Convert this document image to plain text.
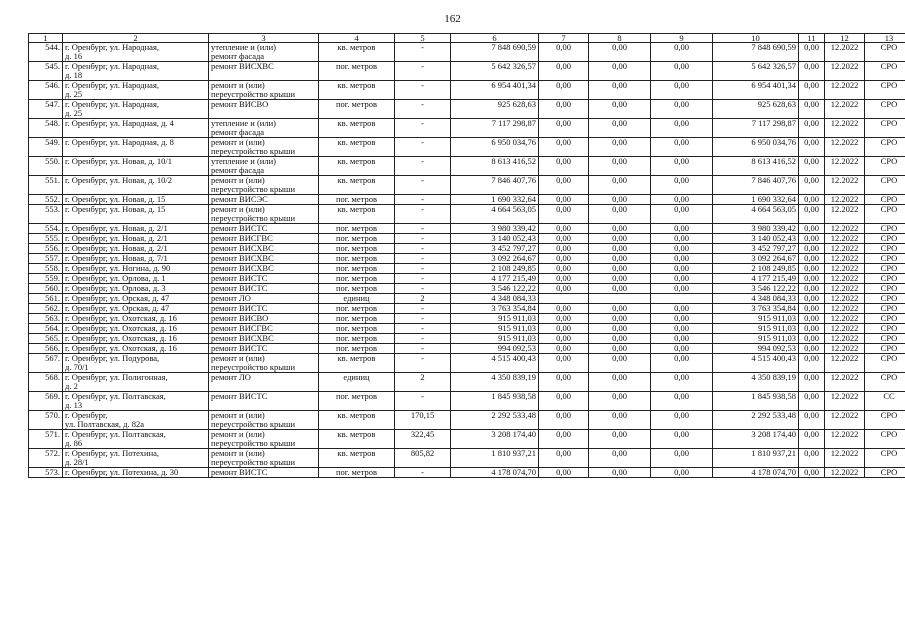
162
1	2	3	4	5	6	7	8	9	10	11	12	13
544.	г. Оренбург, ул. Народная,
д. 16	утепление и (или)
ремонт фасада	кв. метров	-	7 848 690,59	0,00	0,00	0,00	7 848 690,59	0,00	12.2022	СРО
545.	г. Оренбург, ул. Народная,
д. 18	ремонт ВИСХВС	пог. метров	-	5 642 326,57	0,00	0,00	0,00	5 642 326,57	0,00	12.2022	СРО
546.	г. Оренбург, ул. Народная,
д. 25	ремонт и (или)
переустройство крыши	кв. метров	-	6 954 401,34	0,00	0,00	0,00	6 954 401,34	0,00	12.2022	СРО
547.	г. Оренбург, ул. Народная,
д. 25	ремонт ВИСВО	пог. метров	-	925 628,63	0,00	0,00	0,00	925 628,63	0,00	12.2022	СРО
548.	г. Оренбург, ул. Народная, д. 4	утепление и (или)
ремонт фасада	кв. метров	-	7 117 298,87	0,00	0,00	0,00	7 117 298,87	0,00	12.2022	СРО
549.	г. Оренбург, ул. Народная, д. 8	ремонт и (или)
переустройство крыши	кв. метров	-	6 950 034,76	0,00	0,00	0,00	6 950 034,76	0,00	12.2022	СРО
550.	г. Оренбург, ул. Новая, д. 10/1	утепление и (или)
ремонт фасада	кв. метров	-	8 613 416,52	0,00	0,00	0,00	8 613 416,52	0,00	12.2022	СРО
551.	г. Оренбург, ул. Новая, д. 10/2	ремонт и (или)
переустройство крыши	кв. метров	-	7 846 407,76	0,00	0,00	0,00	7 846 407,76	0,00	12.2022	СРО
552.	г. Оренбург, ул. Новая, д. 15	ремонт ВИСЭС	пог. метров	-	1 690 332,64	0,00	0,00	0,00	1 690 332,64	0,00	12.2022	СРО
553.	г. Оренбург, ул. Новая, д. 15	ремонт и (или)
переустройство крыши	кв. метров	-	4 664 563,05	0,00	0,00	0,00	4 664 563,05	0,00	12.2022	СРО
554.	г. Оренбург, ул. Новая, д. 2/1	ремонт ВИСТС	пог. метров	-	3 980 339,42	0,00	0,00	0,00	3 980 339,42	0,00	12.2022	СРО
555.	г. Оренбург, ул. Новая, д. 2/1	ремонт ВИСГВС	пог. метров	-	3 140 052,43	0,00	0,00	0,00	3 140 052,43	0,00	12.2022	СРО
556.	г. Оренбург, ул. Новая, д. 2/1	ремонт ВИСХВС	пог. метров	-	3 452 797,27	0,00	0,00	0,00	3 452 797,27	0,00	12.2022	СРО
557.	г. Оренбург, ул. Новая, д. 7/1	ремонт ВИСХВС	пог. метров	-	3 092 264,67	0,00	0,00	0,00	3 092 264,67	0,00	12.2022	СРО
558.	г. Оренбург, ул. Ногина, д. 90	ремонт ВИСХВС	пог. метров	-	2 108 249,85	0,00	0,00	0,00	2 108 249,85	0,00	12.2022	СРО
559.	г. Оренбург, ул. Орлова, д. 1	ремонт ВИСТС	пог. метров	-	4 177 215,49	0,00	0,00	0,00	4 177 215,49	0,00	12.2022	СРО
560.	г. Оренбург, ул. Орлова, д. 3	ремонт ВИСТС	пог. метров	-	3 546 122,22	0,00	0,00	0,00	3 546 122,22	0,00	12.2022	СРО
561.	г. Оренбург, ул. Орская, д. 47	ремонт ЛО	единиц	2	4 348 084,33				4 348 084,33	0,00	12.2022	СРО
562.	г. Оренбург, ул. Орская, д. 47	ремонт ВИСТС	пог. метров	-	3 763 354,84	0,00	0,00	0,00	3 763 354,84	0,00	12.2022	СРО
563.	г. Оренбург, ул. Охотская, д. 16	ремонт ВИСВО	пог. метров	-	915 911,03	0,00	0,00	0,00	915 911,03	0,00	12.2022	СРО
564.	г. Оренбург, ул. Охотская, д. 16	ремонт ВИСГВС	пог. метров	-	915 911,03	0,00	0,00	0,00	915 911,03	0,00	12.2022	СРО
565.	г. Оренбург, ул. Охотская, д. 16	ремонт ВИСХВС	пог. метров	-	915 911,03	0,00	0,00	0,00	915 911,03	0,00	12.2022	СРО
566.	г. Оренбург, ул. Охотская, д. 16	ремонт ВИСТС	пог. метров	-	994 092,53	0,00	0,00	0,00	994 092,53	0,00	12.2022	СРО
567.	г. Оренбург, ул. Подурова,
д. 70/1	ремонт и (или)
переустройство крыши	кв. метров	-	4 515 400,43	0,00	0,00	0,00	4 515 400,43	0,00	12.2022	СРО
568.	г. Оренбург, ул. Полигонная,
д. 2	ремонт ЛО	единиц	2	4 350 839,19	0,00	0,00	0,00	4 350 839,19	0,00	12.2022	СРО
569.	г. Оренбург, ул. Полтавская,
д. 13	ремонт ВИСТС	пог. метров	-	1 845 938,58	0,00	0,00	0,00	1 845 938,58	0,00	12.2022	СС
570.	г. Оренбург,
ул. Полтавская, д. 82а	ремонт и (или)
переустройство крыши	кв. метров	170,15	2 292 533,48	0,00	0,00	0,00	2 292 533,48	0,00	12.2022	СРО
571.	г. Оренбург, ул. Полтавская,
д. 86	ремонт и (или)
переустройство крыши	кв. метров	322,45	3 208 174,40	0,00	0,00	0,00	3 208 174,40	0,00	12.2022	СРО
572.	г. Оренбург, ул. Потехина,
д. 28/1	ремонт и (или)
переустройство крыши	кв. метров	805,82	1 810 937,21	0,00	0,00	0,00	1 810 937,21	0,00	12.2022	СРО
573.	г. Оренбург, ул. Потехина, д. 30	ремонт ВИСТС	пог. метров	-	4 178 074,70	0,00	0,00	0,00	4 178 074,70	0,00	12.2022	СРО
